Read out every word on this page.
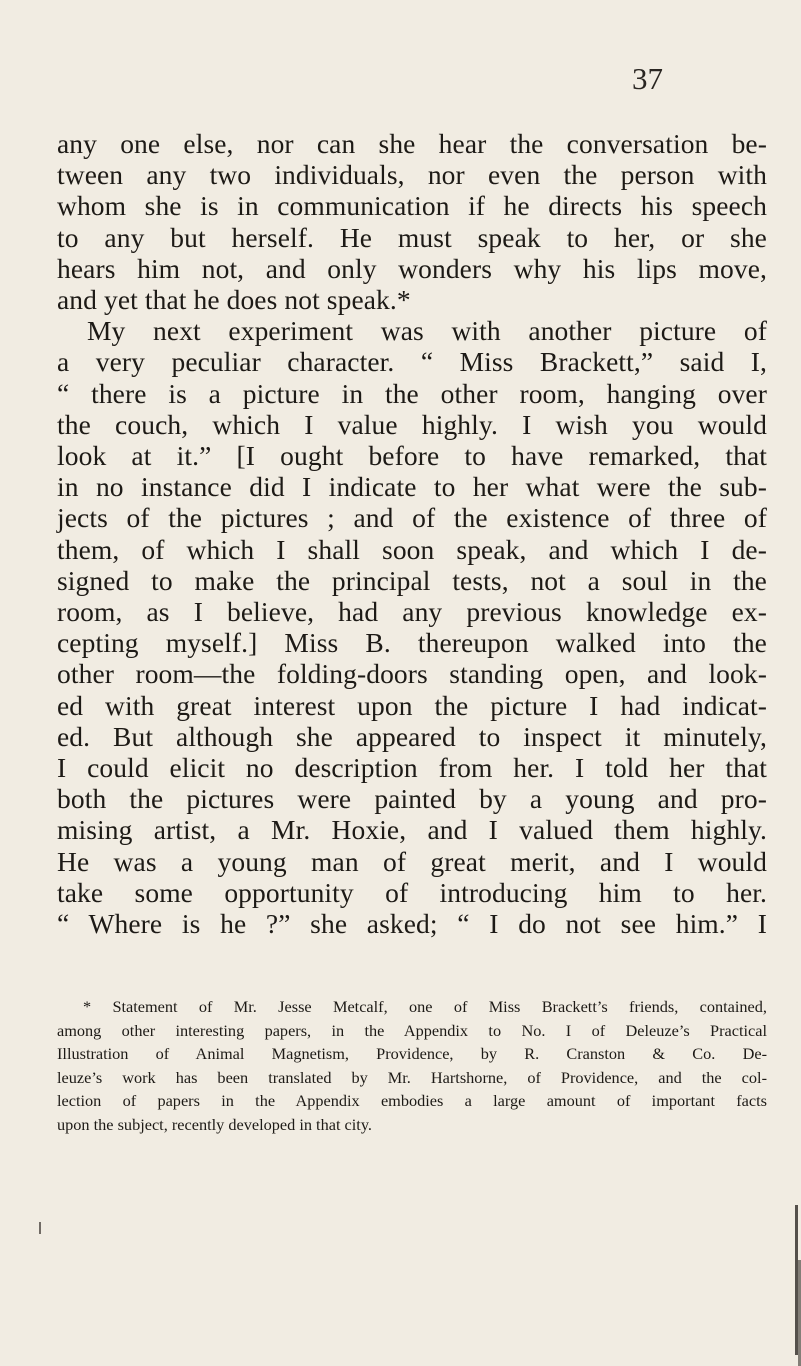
37
any one else, nor can she hear the conversation be-
tween any two individuals, nor even the person with
whom she is in communication if he directs his speech
to any but herself. He must speak to her, or she
hears him not, and only wonders why his lips move,
and yet that he does not speak.*
My next experiment was with another picture of
a very peculiar character. “ Miss Brackett,” said I,
“ there is a picture in the other room, hanging over
the couch, which I value highly. I wish you would
look at it.” [I ought before to have remarked, that
in no instance did I indicate to her what were the sub-
jects of the pictures ; and of the existence of three of
them, of which I shall soon speak, and which I de-
signed to make the principal tests, not a soul in the
room, as I believe, had any previous knowledge ex-
cepting myself.] Miss B. thereupon walked into the
other room—the folding-doors standing open, and look-
ed with great interest upon the picture I had indicat-
ed. But although she appeared to inspect it minutely,
I could elicit no description from her. I told her that
both the pictures were painted by a young and pro-
mising artist, a Mr. Hoxie, and I valued them highly.
He was a young man of great merit, and I would
take some opportunity of introducing him to her.
“ Where is he ?” she asked; “ I do not see him.” I
* Statement of Mr. Jesse Metcalf, one of Miss Brackett’s friends, contained,
among other interesting papers, in the Appendix to No. I of Deleuze’s Practical
Illustration of Animal Magnetism, Providence, by R. Cranston & Co. De-
leuze’s work has been translated by Mr. Hartshorne, of Providence, and the col-
lection of papers in the Appendix embodies a large amount of important facts
upon the subject, recently developed in that city.
